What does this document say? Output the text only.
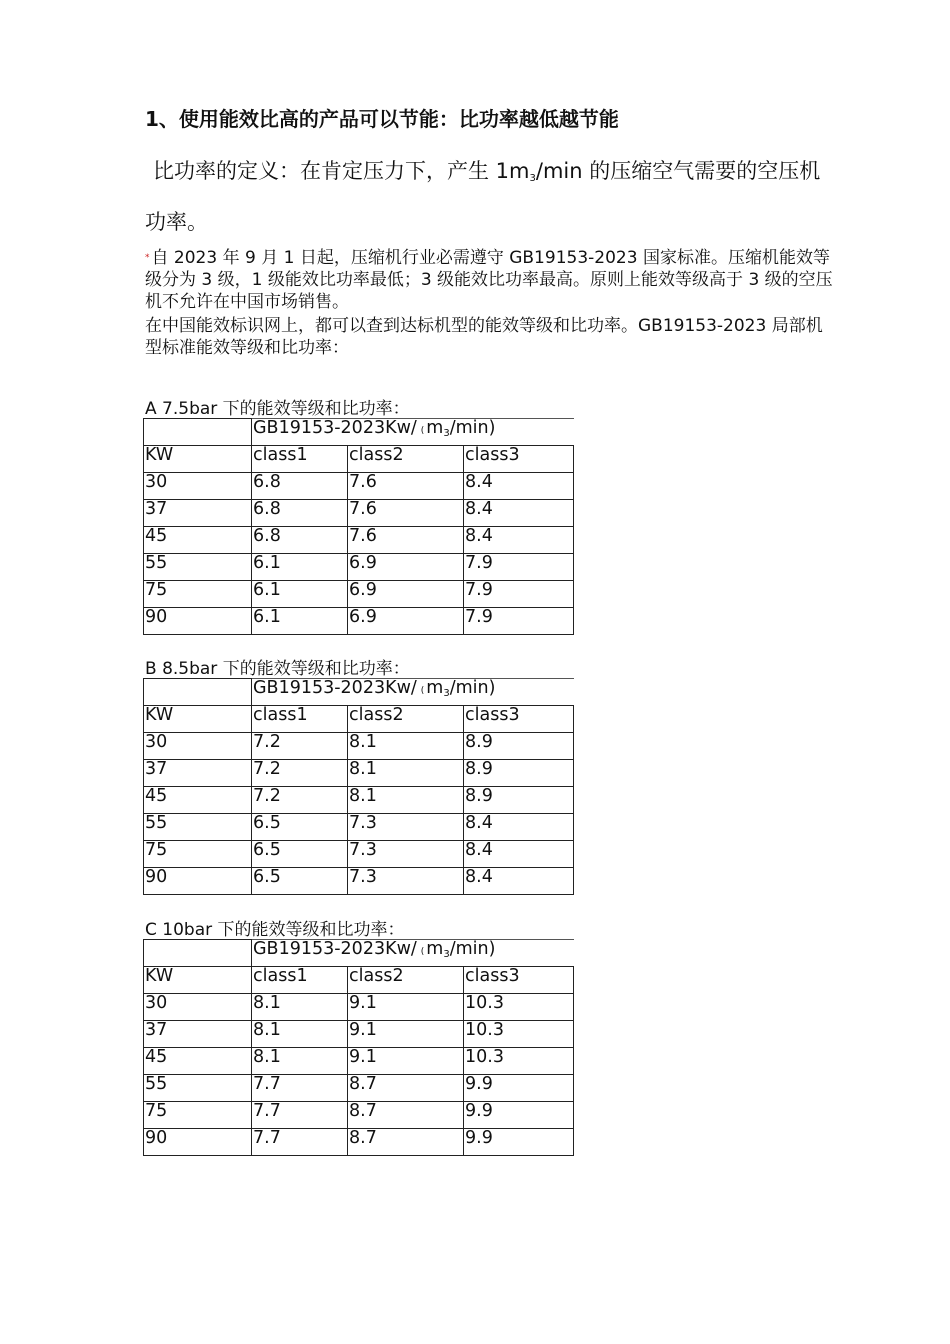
1、使用能效比高的产品可以节能：比功率越低越节能
比功率的定义：在肯定压力下，产生 1m3/min 的压缩空气需要的空压机功率。
* 自 2023 年 9 月 1 日起，压缩机行业必需遵守 GB19153-2023 国家标准。压缩机能效等级分为 3 级，1 级能效比功率最低；3 级能效比功率最高。原则上能效等级高于 3 级的空压机不允许在中国市场销售。
在中国能效标识网上，都可以查到达标机型的能效等级和比功率。GB19153-2023 局部机型标准能效等级和比功率：
A 7.5bar 下的能效等级和比功率：
	GB19153-2023Kw/ ( m3/min)		
KW	class1	class2	class3
30	6.8	7.6	8.4
37	6.8	7.6	8.4
45	6.8	7.6	8.4
55	6.1	6.9	7.9
75	6.1	6.9	7.9
90	6.1	6.9	7.9
B 8.5bar 下的能效等级和比功率：
	GB19153-2023Kw/ ( m3/min)		
KW	class1	class2	class3
30	7.2	8.1	8.9
37	7.2	8.1	8.9
45	7.2	8.1	8.9
55	6.5	7.3	8.4
75	6.5	7.3	8.4
90	6.5	7.3	8.4
C 10bar 下的能效等级和比功率：
	GB19153-2023Kw/ ( m3/min)		
KW	class1	class2	class3
30	8.1	9.1	10.3
37	8.1	9.1	10.3
45	8.1	9.1	10.3
55	7.7	8.7	9.9
75	7.7	8.7	9.9
90	7.7	8.7	9.9
